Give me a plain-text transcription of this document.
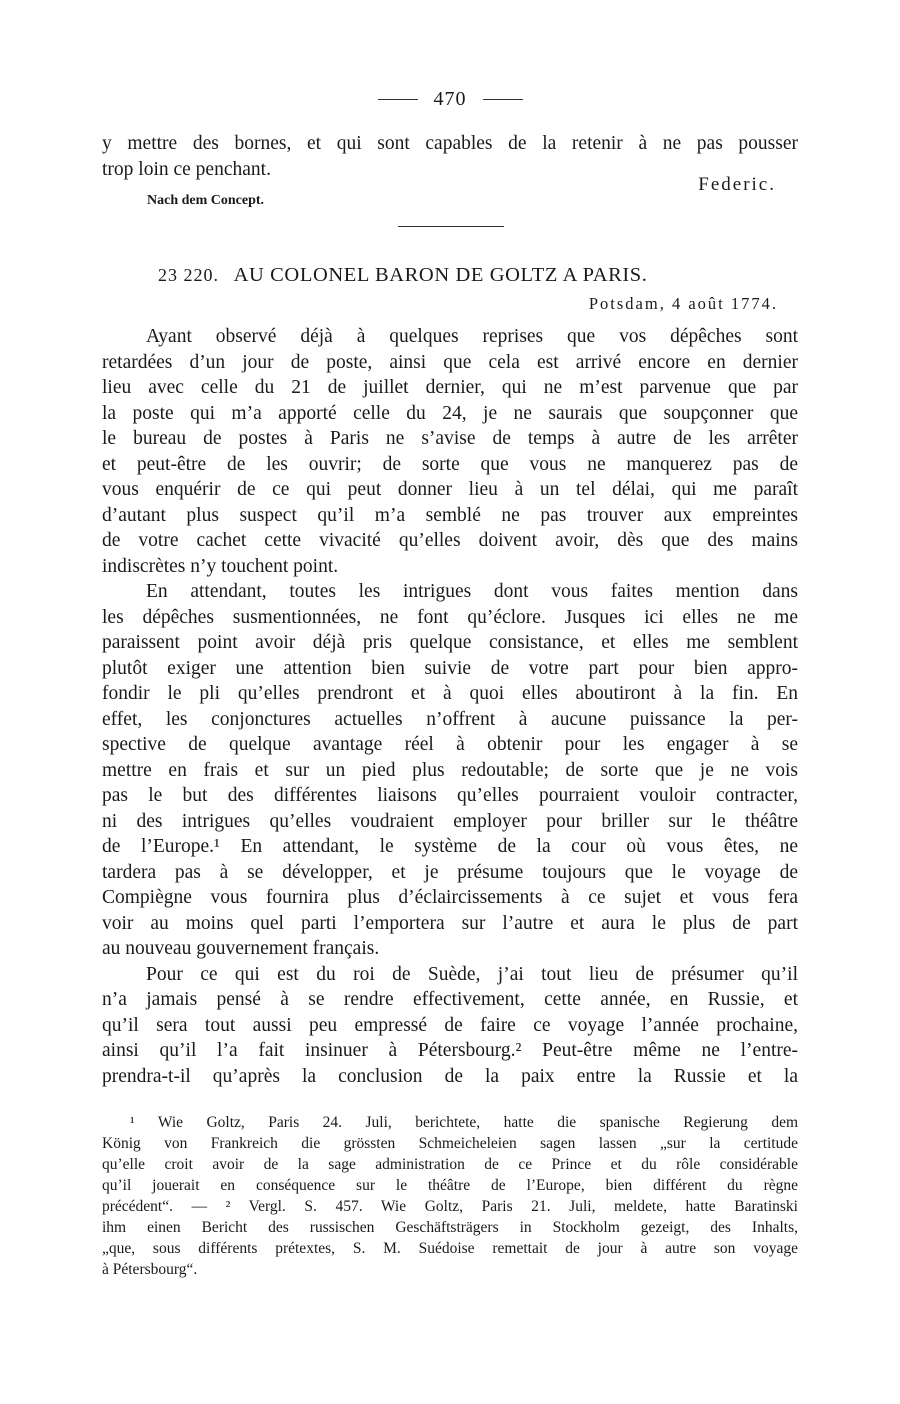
470
y mettre des bornes, et qui sont capables de la retenir à ne pas pousser
trop loin ce penchant.
Federic.
Nach dem Concept.
23 220. AU COLONEL BARON DE GOLTZ A PARIS.
Potsdam, 4 août 1774.
Ayant observé déjà à quelques reprises que vos dépêches sont
retardées d’un jour de poste, ainsi que cela est arrivé encore en dernier
lieu avec celle du 21 de juillet dernier, qui ne m’est parvenue que par
la poste qui m’a apporté celle du 24, je ne saurais que soupçonner que
le bureau de postes à Paris ne s’avise de temps à autre de les arrêter
et peut-être de les ouvrir; de sorte que vous ne manquerez pas de
vous enquérir de ce qui peut donner lieu à un tel délai, qui me paraît
d’autant plus suspect qu’il m’a semblé ne pas trouver aux empreintes
de votre cachet cette vivacité qu’elles doivent avoir, dès que des mains
indiscrètes n’y touchent point.
En attendant, toutes les intrigues dont vous faites mention dans
les dépêches susmentionnées, ne font qu’éclore. Jusques ici elles ne me
paraissent point avoir déjà pris quelque consistance, et elles me semblent
plutôt exiger une attention bien suivie de votre part pour bien appro-
fondir le pli qu’elles prendront et à quoi elles aboutiront à la fin. En
effet, les conjonctures actuelles n’offrent à aucune puissance la per-
spective de quelque avantage réel à obtenir pour les engager à se
mettre en frais et sur un pied plus redoutable; de sorte que je ne vois
pas le but des différentes liaisons qu’elles pourraient vouloir contracter,
ni des intrigues qu’elles voudraient employer pour briller sur le théâtre
de l’Europe.¹ En attendant, le système de la cour où vous êtes, ne
tardera pas à se développer, et je présume toujours que le voyage de
Compiègne vous fournira plus d’éclaircissements à ce sujet et vous fera
voir au moins quel parti l’emportera sur l’autre et aura le plus de part
au nouveau gouvernement français.
Pour ce qui est du roi de Suède, j’ai tout lieu de présumer qu’il
n’a jamais pensé à se rendre effectivement, cette année, en Russie, et
qu’il sera tout aussi peu empressé de faire ce voyage l’année prochaine,
ainsi qu’il l’a fait insinuer à Pétersbourg.² Peut-être même ne l’entre-
prendra-t-il qu’après la conclusion de la paix entre la Russie et la
¹ Wie Goltz, Paris 24. Juli, berichtete, hatte die spanische Regierung dem
König von Frankreich die grössten Schmeicheleien sagen lassen „sur la certitude
qu’elle croit avoir de la sage administration de ce Prince et du rôle considérable
qu’il jouerait en conséquence sur le théâtre de l’Europe, bien différent du règne
précédent“. — ² Vergl. S. 457. Wie Goltz, Paris 21. Juli, meldete, hatte Baratinski
ihm einen Bericht des russischen Geschäftsträgers in Stockholm gezeigt, des Inhalts,
„que, sous différents prétextes, S. M. Suédoise remettait de jour à autre son voyage
à Pétersbourg“.
